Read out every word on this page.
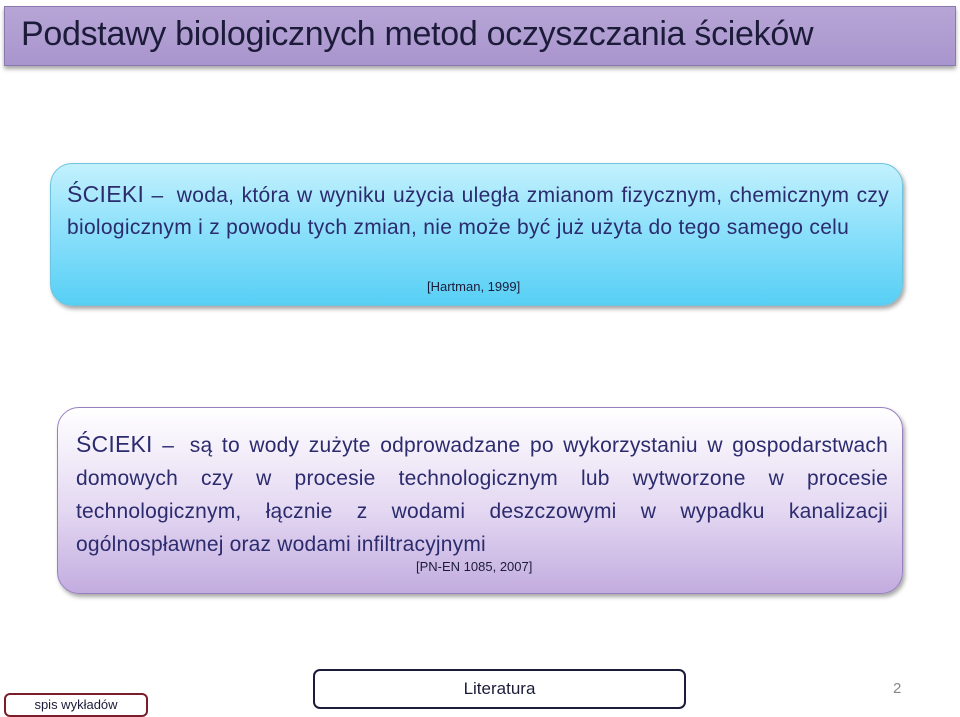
Podstawy biologicznych metod oczyszczania ścieków
ŚCIEKI – woda, która w wyniku użycia uległa zmianom fizycznym, chemicznym czy biologicznym i z powodu tych zmian, nie może być już użyta do tego samego celu
[Hartman, 1999]
ŚCIEKI – są to wody zużyte odprowadzane po wykorzystaniu w gospodarstwach domowych czy w procesie technologicznym lub wytworzone w procesie technologicznym, łącznie z wodami deszczowymi w wypadku kanalizacji ogólnospławnej oraz wodami infiltracyjnymi
[PN-EN 1085, 2007]
spis wykładów
Literatura	2
